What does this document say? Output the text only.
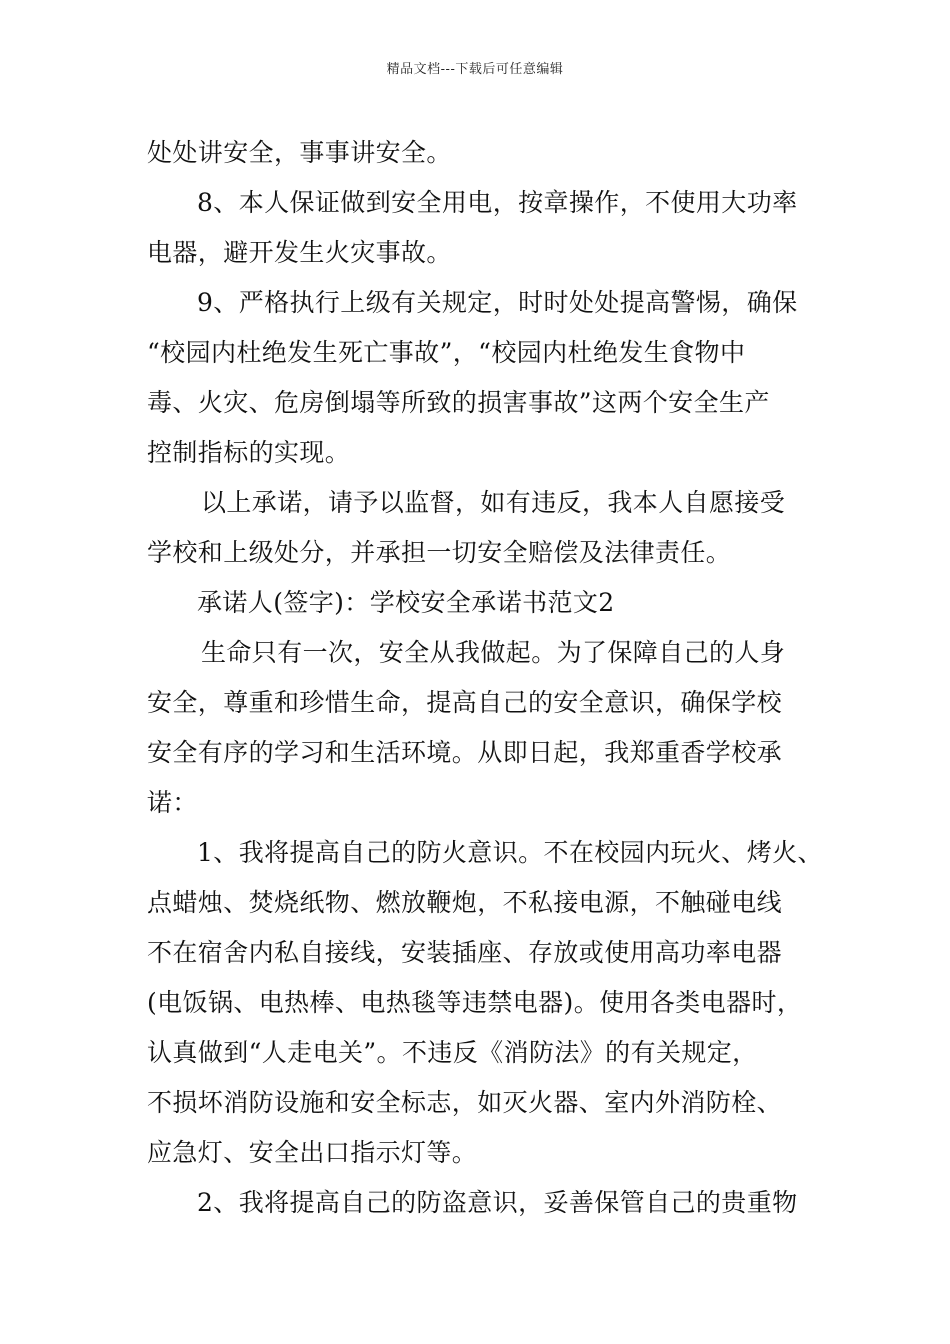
精品文档---下载后可任意编辑
处处讲安全，事事讲安全。
8、本人保证做到安全用电，按章操作，不使用大功率
电器，避开发生火灾事故。
9、严格执行上级有关规定，时时处处提高警惕，确保
“校园内杜绝发生死亡事故”，“校园内杜绝发生食物中
毒、火灾、危房倒塌等所致的损害事故”这两个安全生产
控制指标的实现。
以上承诺，请予以监督，如有违反，我本人自愿接受
学校和上级处分，并承担一切安全赔偿及法律责任。
承诺人(签字)：学校安全承诺书范文2
生命只有一次，安全从我做起。为了保障自己的人身
安全，尊重和珍惜生命，提高自己的安全意识，确保学校
安全有序的学习和生活环境。从即日起，我郑重香学校承
诺：
1、我将提高自己的防火意识。不在校园内玩火、烤火、
点蜡烛、焚烧纸物、燃放鞭炮，不私接电源，不触碰电线
不在宿舍内私自接线，安装插座、存放或使用高功率电器
(电饭锅、电热棒、电热毯等违禁电器)。使用各类电器时，
认真做到“人走电关”。不违反《消防法》的有关规定，
不损坏消防设施和安全标志，如灭火器、室内外消防栓、
应急灯、安全出口指示灯等。
2、我将提高自己的防盗意识，妥善保管自己的贵重物
